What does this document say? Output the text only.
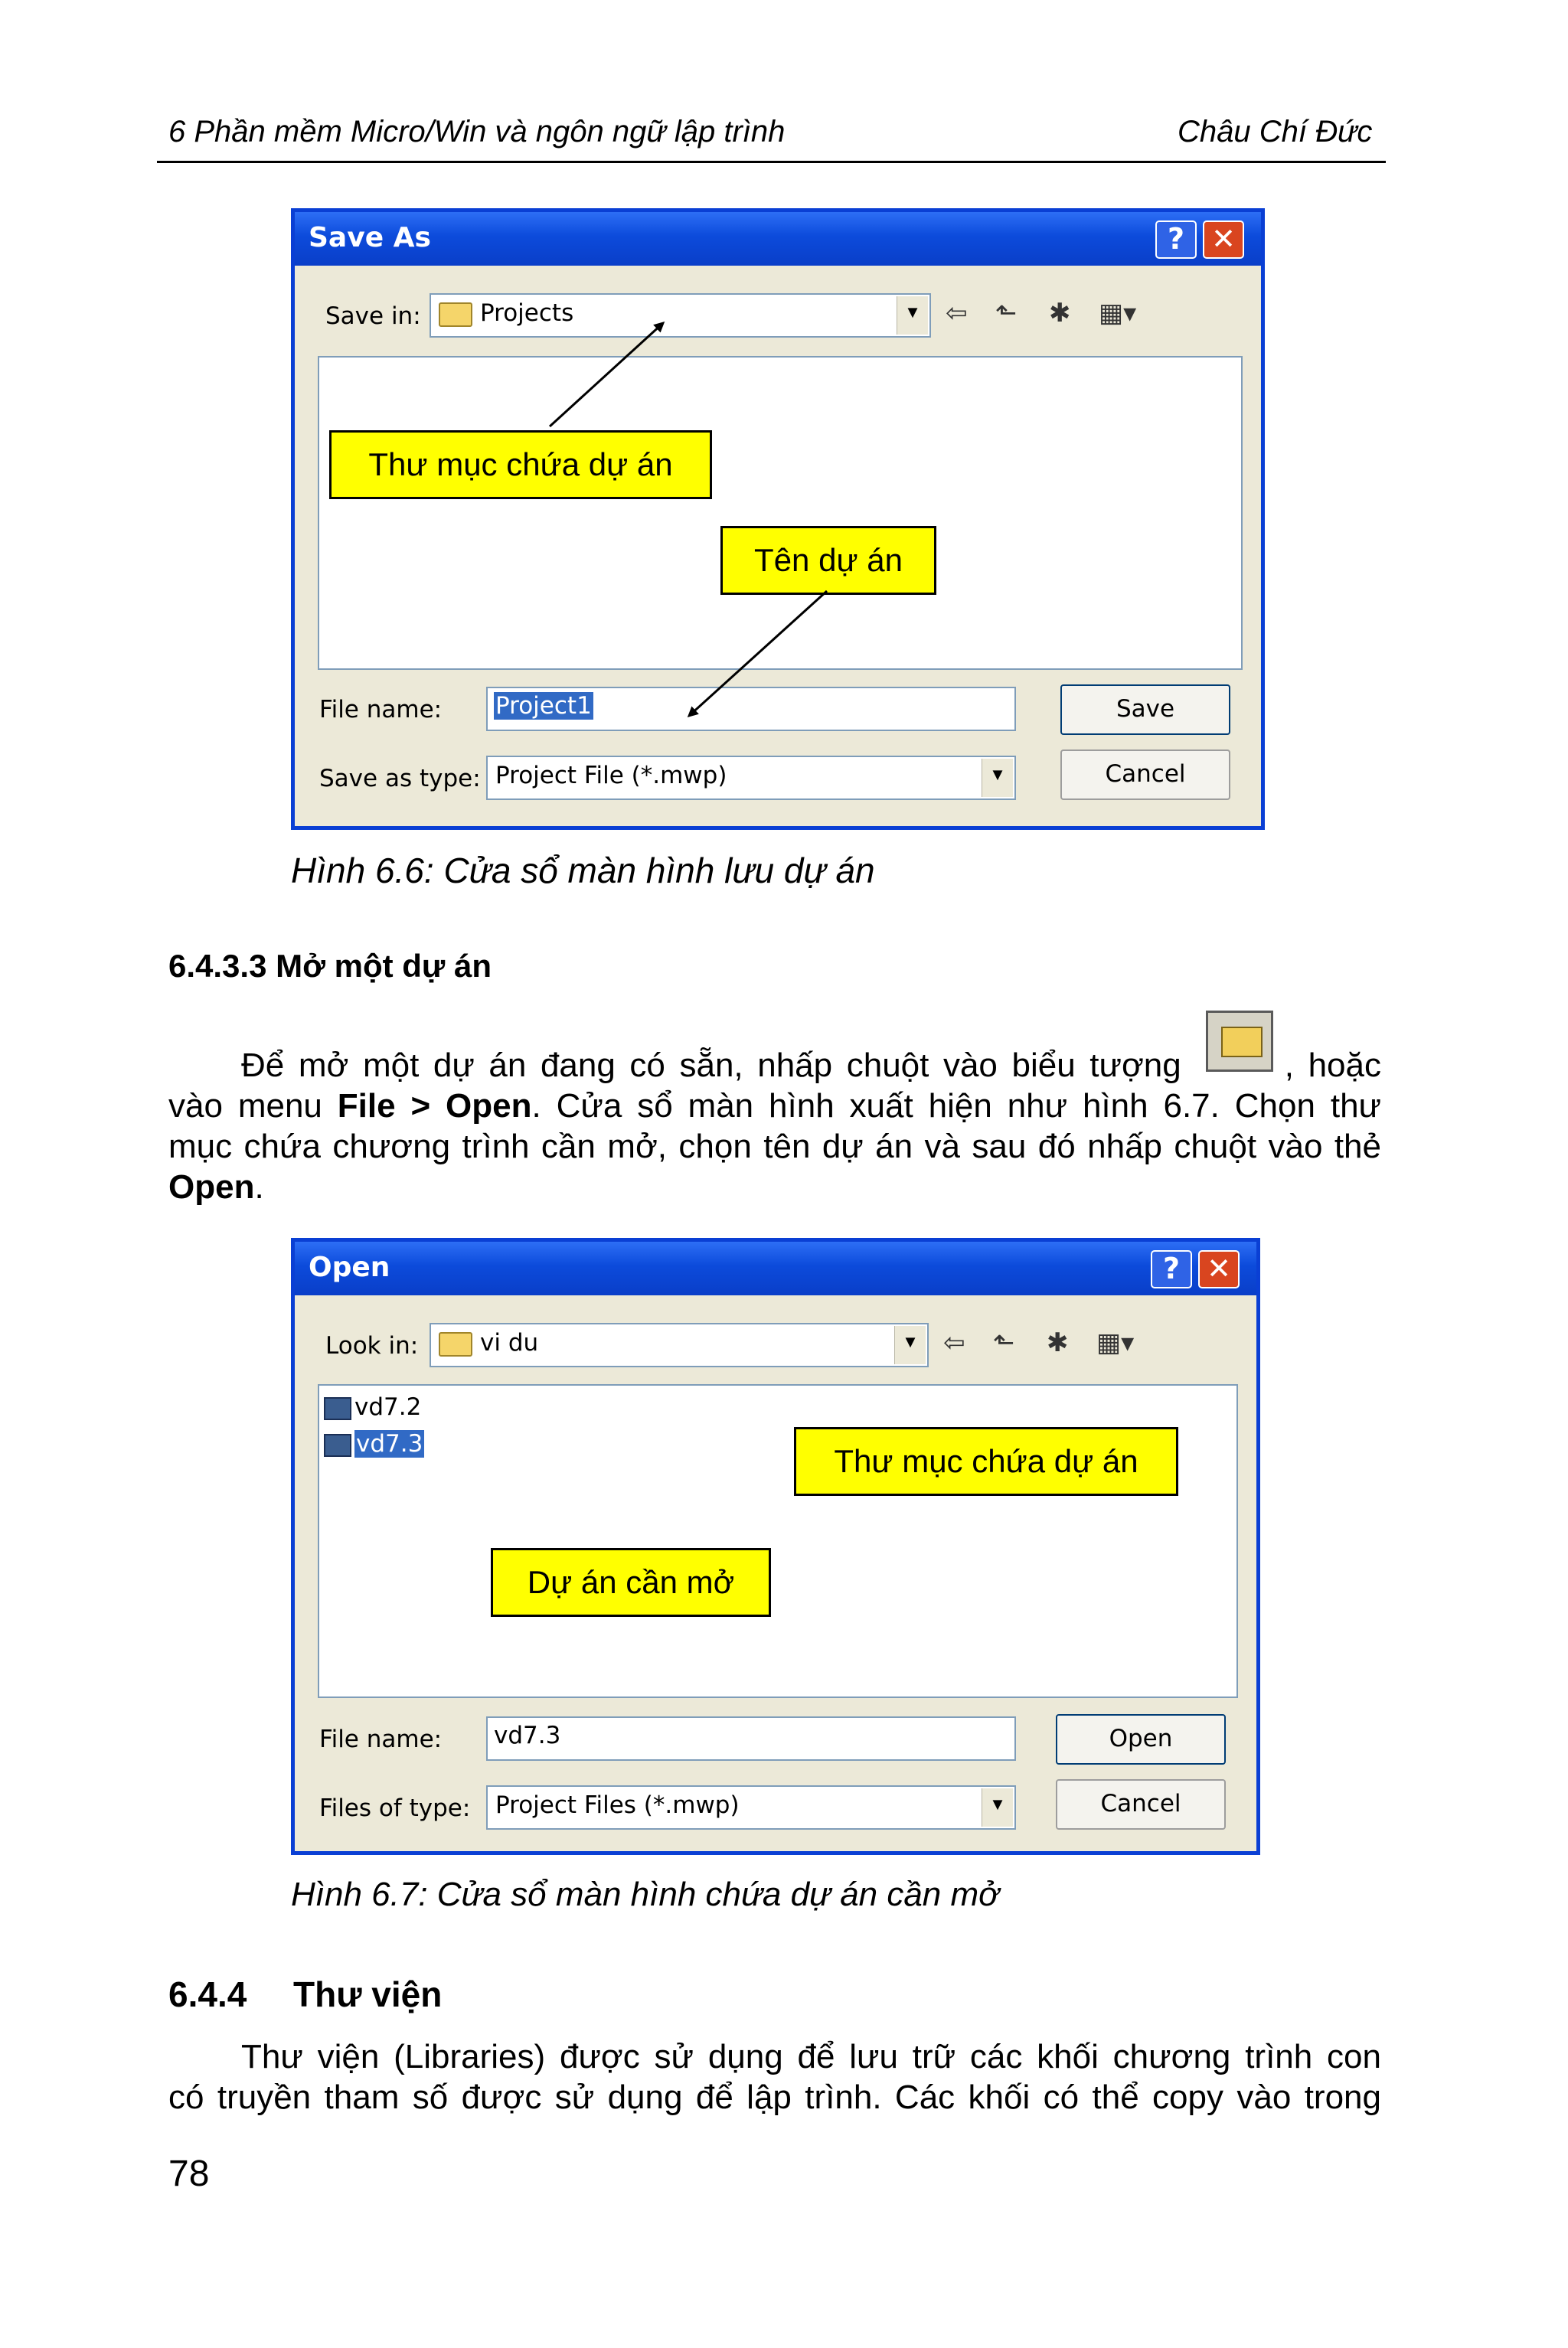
6 Phần mềm Micro/Win và ngôn ngữ lập trình	Châu Chí Đức
Save As	? ✕
Save in:	Projects	▼ ⇦ ⬑ ✱ ▦▾
File name: Project1	Save
Save as type: Project File (*.mwp)	▼	Cancel
Thư mục chứa dự án
Tên dự án
Hình 6.6: Cửa sổ màn hình lưu dự án
6.4.3.3 Mở một dự án
Để mở một dự án đang có sẵn, nhấp chuột vào biểu tượng	, hoặc
vào menu File > Open. Cửa sổ màn hình xuất hiện như hình 6.7. Chọn thư
mục chứa chương trình cần mở, chọn tên dự án và sau đó nhấp chuột vào thẻ
Open.
Open	? ✕
Look in:	vi du	▼ ⇦ ⬑ ✱ ▦▾
vd7.2
vd7.3
File name: vd7.3	Open
Files of type: Project Files (*.mwp)	▼	Cancel
Thư mục chứa dự án
Dự án cần mở
Hình 6.7: Cửa sổ màn hình chứa dự án cần mở
6.4.4 Thư viện
Thư viện (Libraries) được sử dụng để lưu trữ các khối chương trình con
có truyền tham số được sử dụng để lập trình. Các khối có thể copy vào trong
78
